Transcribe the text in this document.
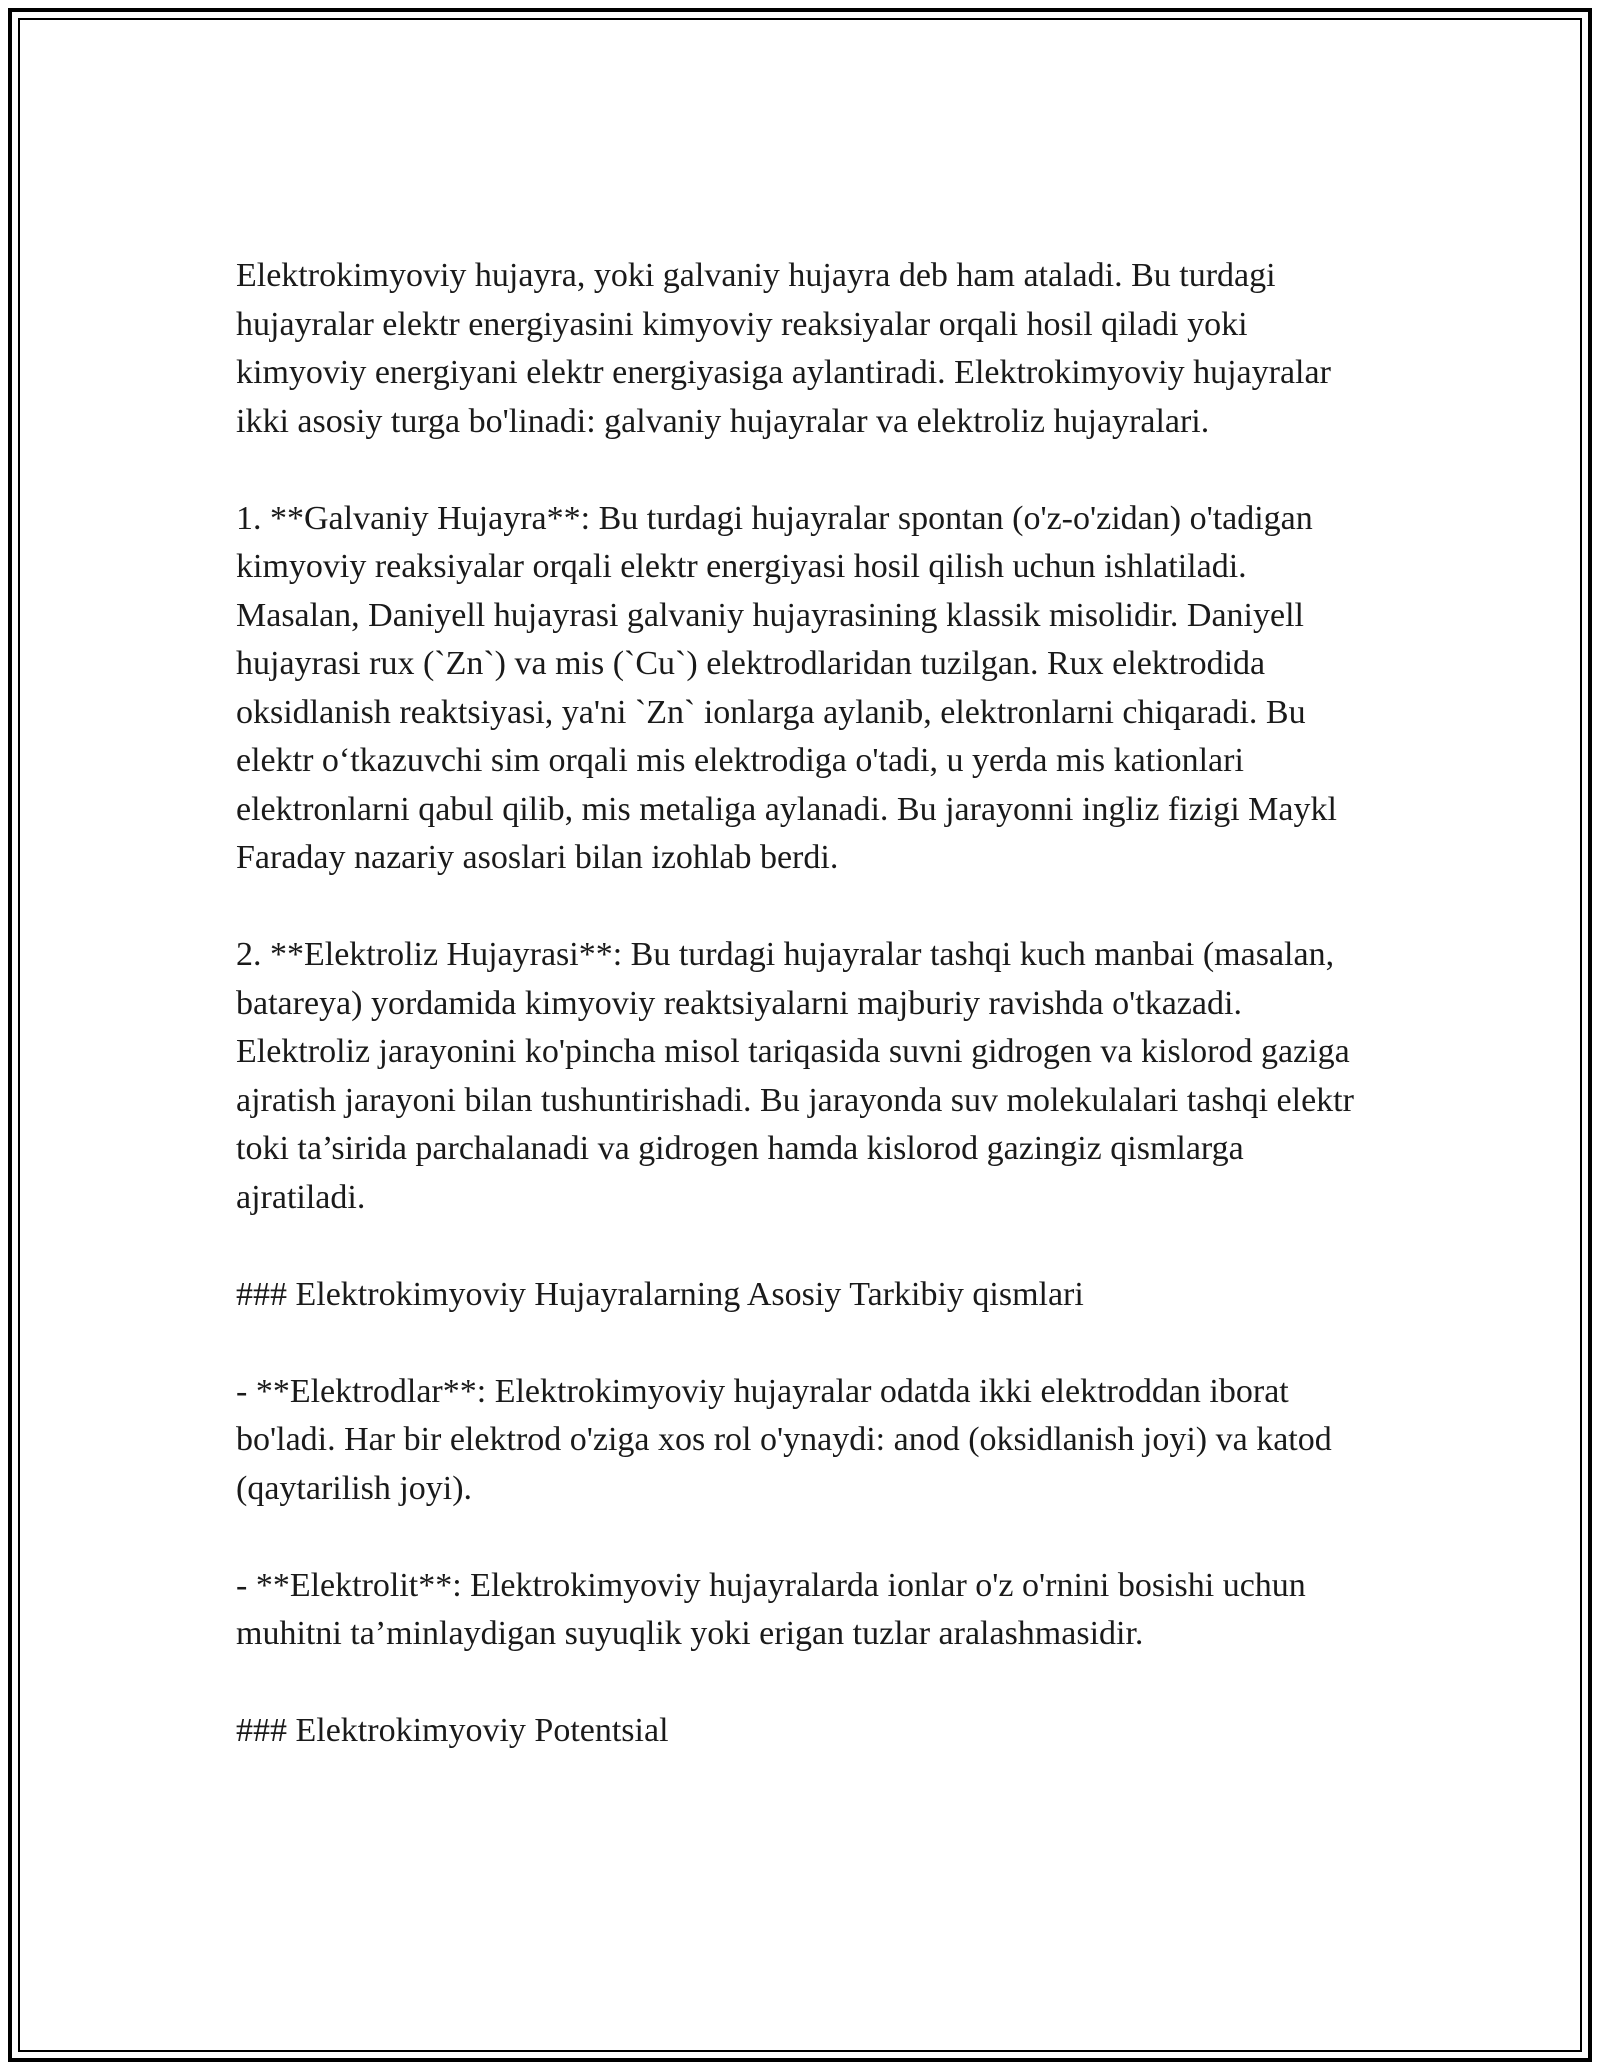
Elektrokimyoviy hujayra, yoki galvaniy hujayra deb ham ataladi. Bu turdagi hujayralar elektr energiyasini kimyoviy reaksiyalar orqali hosil qiladi yoki kimyoviy energiyani elektr energiyasiga aylantiradi. Elektrokimyoviy hujayralar ikki asosiy turga bo'linadi: galvaniy hujayralar va elektroliz hujayralari.

1. **Galvaniy Hujayra**: Bu turdagi hujayralar spontan (o'z-o'zidan) o'tadigan kimyoviy reaksiyalar orqali elektr energiyasi hosil qilish uchun ishlatiladi. Masalan, Daniyell hujayrasi galvaniy hujayrasining klassik misolidir. Daniyell hujayrasi rux (`Zn`) va mis (`Cu`) elektrodlaridan tuzilgan. Rux elektrodida oksidlanish reaktsiyasi, ya'ni `Zn` ionlarga aylanib, elektronlarni chiqaradi. Bu elektr o‘tkazuvchi sim orqali mis elektrodiga o'tadi, u yerda mis kationlari elektronlarni qabul qilib, mis metaliga aylanadi. Bu jarayonni ingliz fizigi Maykl Faraday nazariy asoslari bilan izohlab berdi.

2. **Elektroliz Hujayrasi**: Bu turdagi hujayralar tashqi kuch manbai (masalan, batareya) yordamida kimyoviy reaktsiyalarni majburiy ravishda o'tkazadi. Elektroliz jarayonini ko'pincha misol tariqasida suvni gidrogen va kislorod gaziga ajratish jarayoni bilan tushuntirishadi. Bu jarayonda suv molekulalari tashqi elektr toki ta’sirida parchalanadi va gidrogen hamda kislorod gazingiz qismlarga ajratiladi.

### Elektrokimyoviy Hujayralarning Asosiy Tarkibiy qismlari

- **Elektrodlar**: Elektrokimyoviy hujayralar odatda ikki elektroddan iborat bo'ladi. Har bir elektrod o'ziga xos rol o'ynaydi: anod (oksidlanish joyi) va katod (qaytarilish joyi).

- **Elektrolit**: Elektrokimyoviy hujayralarda ionlar o'z o'rnini bosishi uchun muhitni ta’minlaydigan suyuqlik yoki erigan tuzlar aralashmasidir.

### Elektrokimyoviy Potentsial
